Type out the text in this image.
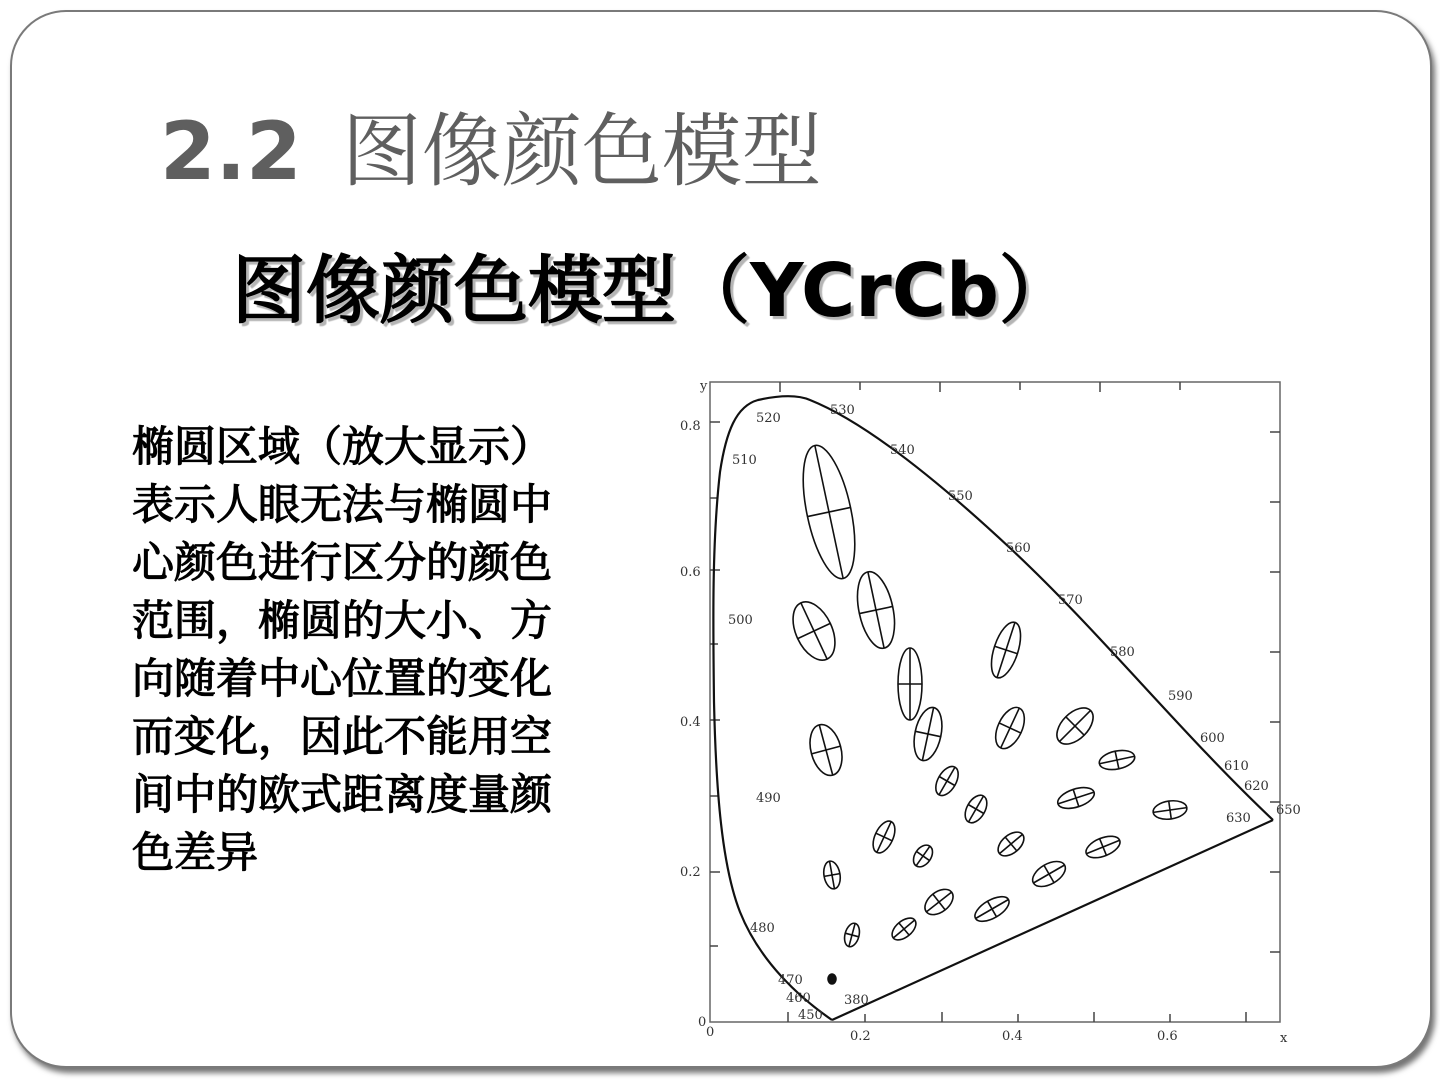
2.2 图像颜色模型
图像颜色模型（YCrCb）
椭圆区域（放大显示）表示人眼无法与椭圆中心颜色进行区分的颜色范围，椭圆的大小、方向随着中心位置的变化而变化，因此不能用空间中的欧式距离度量颜色差异
y
x
0	0.2	0.4	0.6
0
0.2
0.4
0.6
0.8
380
450
460
470
480
490
500
510
520
530
540
550
560
570
580
590
600
610
620
630
650
